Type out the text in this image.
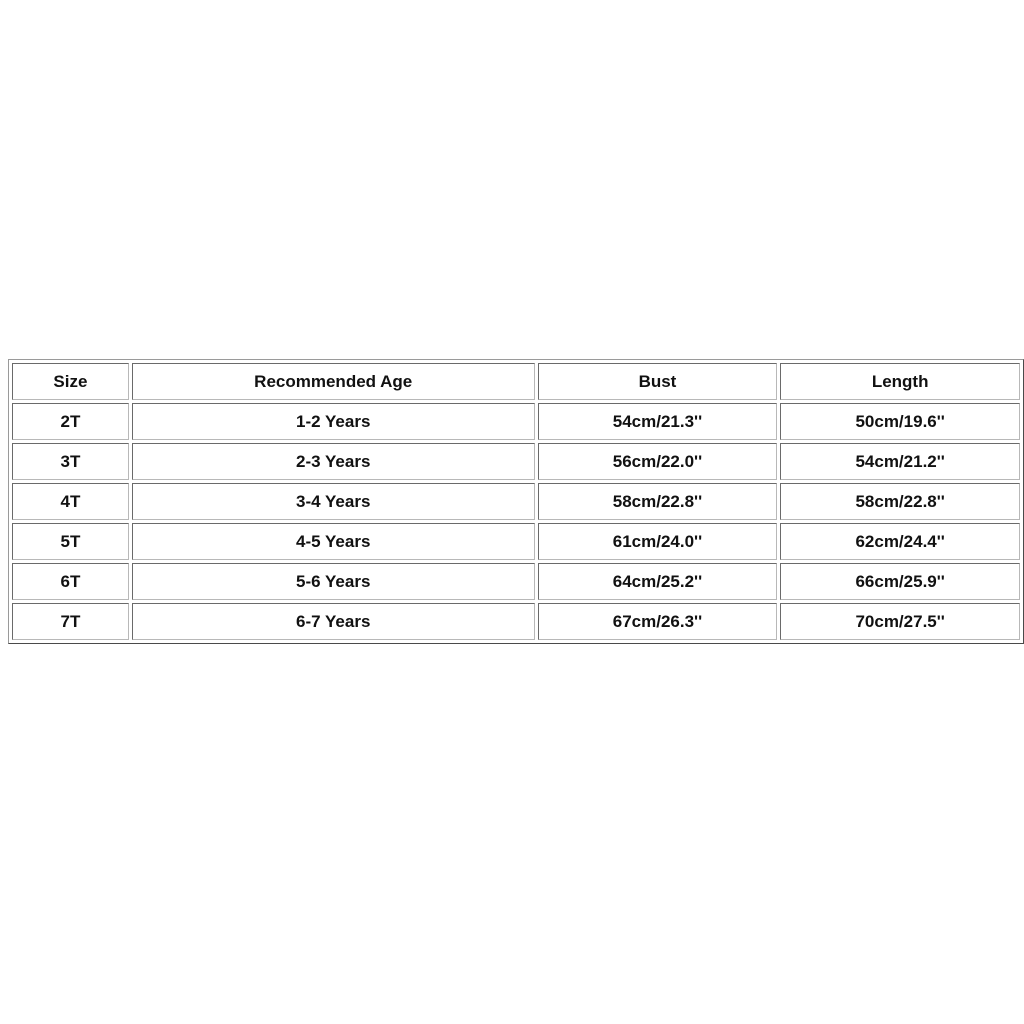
Size	Recommended Age	Bust	Length
2T	1-2 Years	54cm/21.3''	50cm/19.6''
3T	2-3 Years	56cm/22.0''	54cm/21.2''
4T	3-4 Years	58cm/22.8''	58cm/22.8''
5T	4-5 Years	61cm/24.0''	62cm/24.4''
6T	5-6 Years	64cm/25.2''	66cm/25.9''
7T	6-7 Years	67cm/26.3''	70cm/27.5''
